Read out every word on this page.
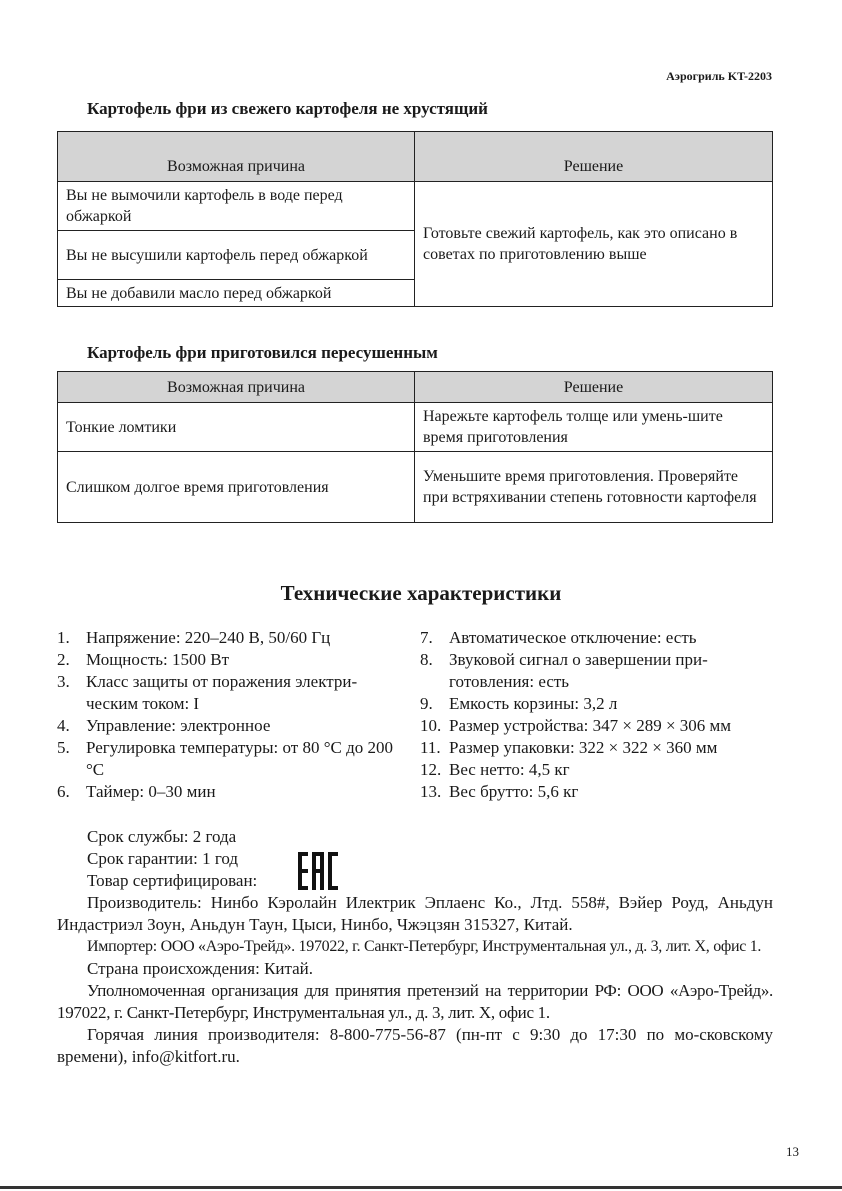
Аэрогриль KT-2203
Картофель фри из свежего картофеля не хрустящий
Возможная причина	Решение
Вы не вымочили картофель в воде перед обжаркой	Готовьте свежий картофель, как это описано в советах по приготовлению выше
Вы не высушили картофель перед обжаркой	
Вы не добавили масло перед обжаркой	
Картофель фри приготовился пересушенным
Возможная причина	Решение
Тонкие ломтики	Нарежьте картофель толще или умень-шите время приготовления
Слишком долгое время приготовления	Уменьшите время приготовления. Проверяйте при встряхивании степень готовности картофеля
Технические характеристики
1. Напряжение: 220–240 В, 50/60 Гц
2. Мощность: 1500 Вт
3. Класс защиты от поражения электри-ческим током: I
4. Управление: электронное
5. Регулировка температуры: от 80 °С до 200 °С
6. Таймер: 0–30 мин
7. Автоматическое отключение: есть
8. Звуковой сигнал о завершении при-готовления: есть
9. Емкость корзины: 3,2 л
10. Размер устройства: 347 × 289 × 306 мм
11. Размер упаковки: 322 × 322 × 360 мм
12. Вес нетто: 4,5 кг
13. Вес брутто: 5,6 кг

Срок службы: 2 года

Срок гарантии: 1 год

Товар сертифицирован:

Производитель: Нинбо Кэролайн Илектрик Эплаенс Ко., Лтд. 558#, Вэйер Роуд, Аньдун Индастриэл Зоун, Аньдун Таун, Цыси, Нинбо, Чжэцзян 315327, Китай.

Импортер: ООО «Аэро-Трейд». 197022, г. Санкт-Петербург, Инструментальная ул., д. 3, лит. Х, офис 1.

Страна происхождения: Китай.

Уполномоченная организация для принятия претензий на территории РФ: ООО «Аэро-Трейд». 197022, г. Санкт-Петербург, Инструментальная ул., д. 3, лит. Х, офис 1.

Горячая линия производителя: 8-800-775-56-87 (пн-пт с 9:30 до 17:30 по мо-сковскому времени), info@kitfort.ru.

13
